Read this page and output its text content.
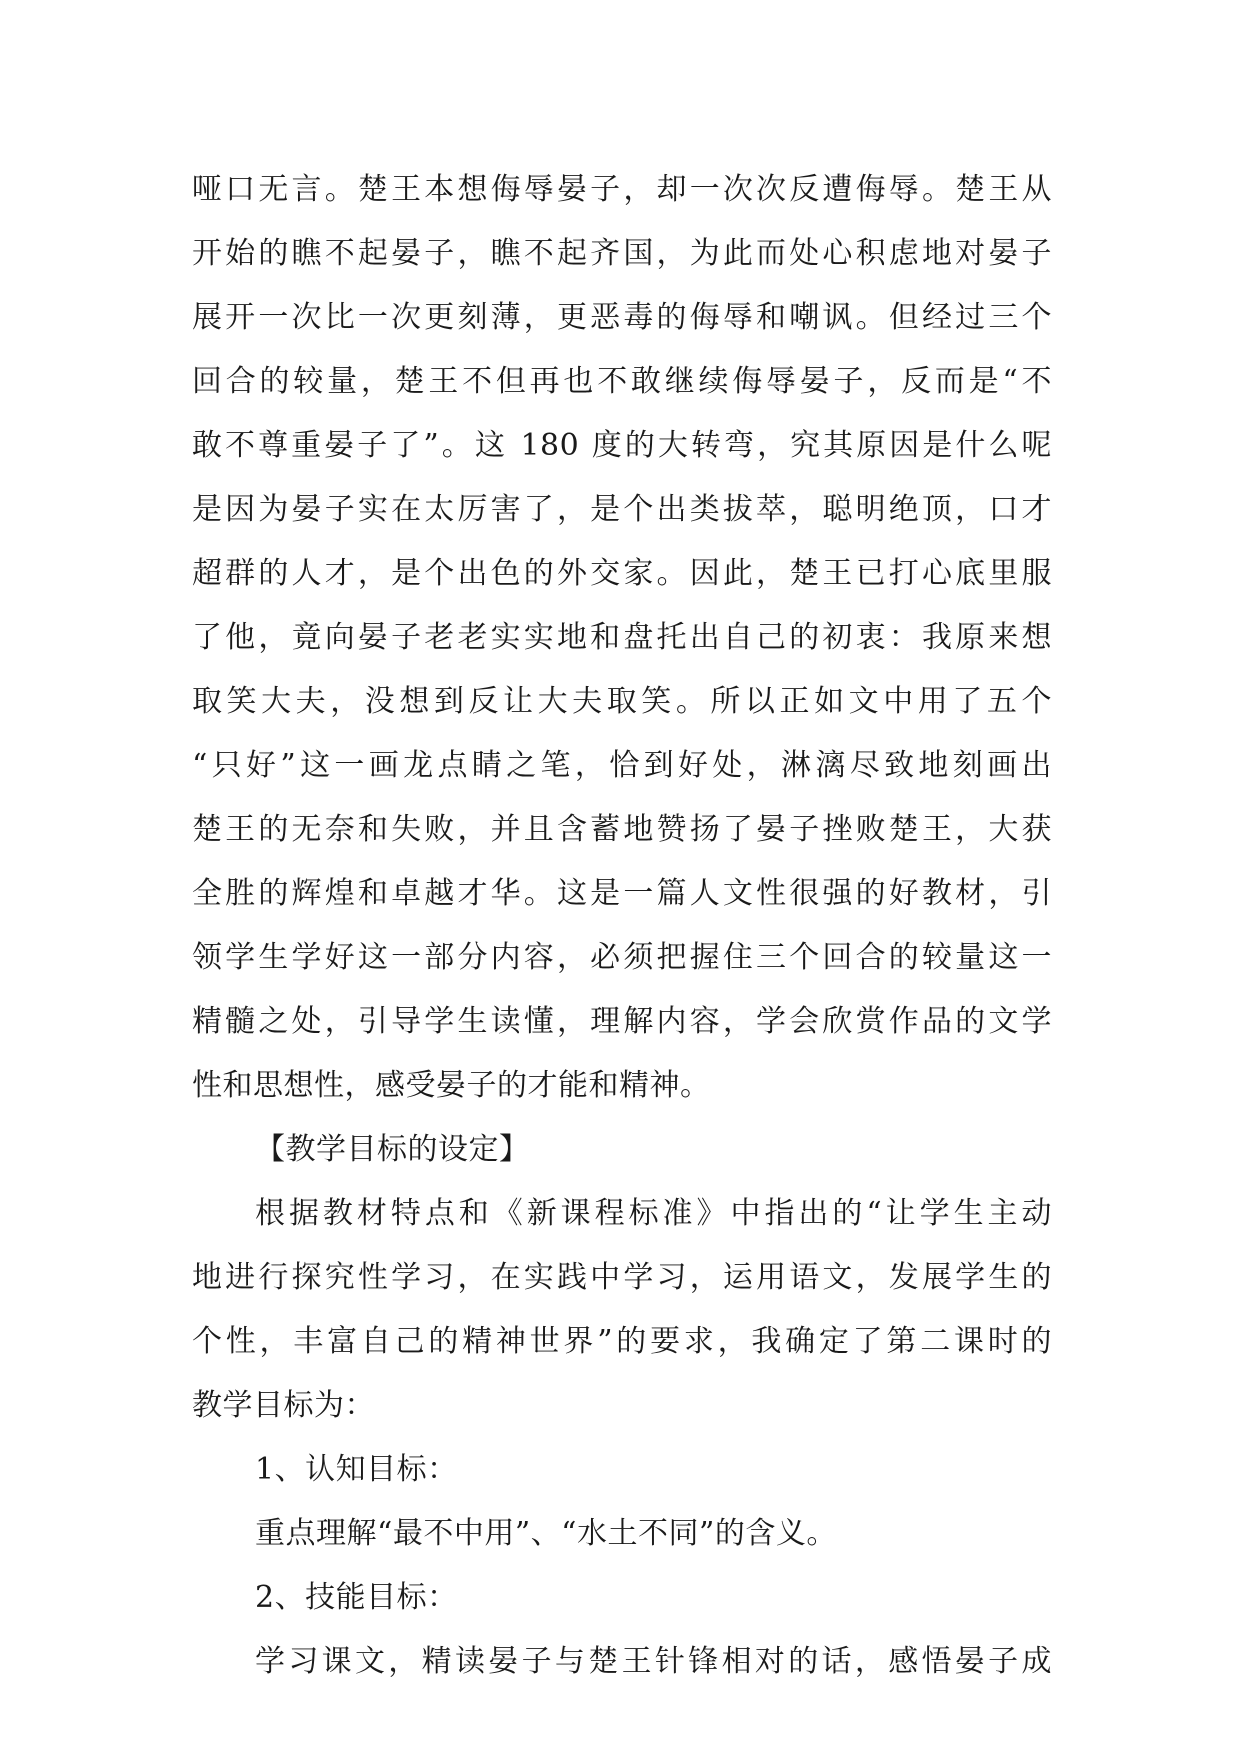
哑口无言。楚王本想侮辱晏子，却一次次反遭侮辱。楚王从
开始的瞧不起晏子，瞧不起齐国，为此而处心积虑地对晏子
展开一次比一次更刻薄，更恶毒的侮辱和嘲讽。但经过三个
回合的较量，楚王不但再也不敢继续侮辱晏子，反而是“不
敢不尊重晏子了”。这 180 度的大转弯，究其原因是什么呢
是因为晏子实在太厉害了，是个出类拔萃，聪明绝顶，口才
超群的人才，是个出色的外交家。因此，楚王已打心底里服
了他，竟向晏子老老实实地和盘托出自己的初衷：我原来想
取笑大夫，没想到反让大夫取笑。所以正如文中用了五个
“只好”这一画龙点睛之笔，恰到好处，淋漓尽致地刻画出
楚王的无奈和失败，并且含蓄地赞扬了晏子挫败楚王，大获
全胜的辉煌和卓越才华。这是一篇人文性很强的好教材，引
领学生学好这一部分内容，必须把握住三个回合的较量这一
精髓之处，引导学生读懂，理解内容，学会欣赏作品的文学
性和思想性，感受晏子的才能和精神。
【教学目标的设定】
根据教材特点和《新课程标准》中指出的“让学生主动
地进行探究性学习，在实践中学习，运用语文，发展学生的
个性，丰富自己的精神世界”的要求，我确定了第二课时的
教学目标为：
1、认知目标：
重点理解“最不中用”、“水土不同”的含义。
2、技能目标：
学习课文，精读晏子与楚王针锋相对的话，感悟晏子成
